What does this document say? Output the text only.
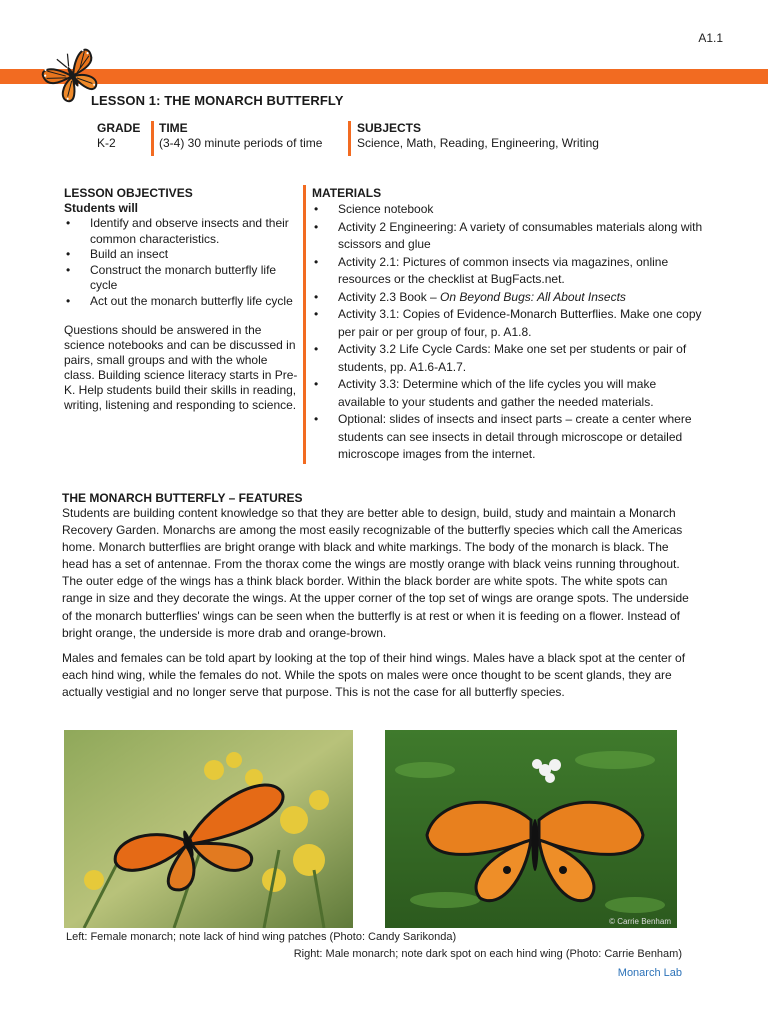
A1.1
LESSON 1: THE MONARCH BUTTERFLY
GRADE
K-2
TIME
(3-4) 30 minute periods of time
SUBJECTS
Science, Math, Reading, Engineering, Writing
LESSON OBJECTIVES
Students will
• Identify and observe insects and their common characteristics.
• Build an insect
• Construct the monarch butterfly life cycle
• Act out the monarch butterfly life cycle
Questions should be answered in the science notebooks and can be discussed in pairs, small groups and with the whole class. Building science literacy starts in Pre-K. Help students build their skills in reading, writing, listening and responding to science.
MATERIALS
• Science notebook
• Activity 2 Engineering: A variety of consumables materials along with scissors and glue
• Activity 2.1: Pictures of common insects via magazines, online resources or the checklist at BugFacts.net.
• Activity 2.3 Book – On Beyond Bugs: All About Insects
• Activity 3.1: Copies of Evidence-Monarch Butterflies. Make one copy per pair or per group of four, p. A1.8.
• Activity 3.2 Life Cycle Cards: Make one set per students or pair of students, pp. A1.6-A1.7.
• Activity 3.3: Determine which of the life cycles you will make available to your students and gather the needed materials.
• Optional: slides of insects and insect parts – create a center where students can see insects in detail through microscope or detailed microscope images from the internet.
THE MONARCH BUTTERFLY – FEATURES
Students are building content knowledge so that they are better able to design, build, study and maintain a Monarch Recovery Garden. Monarchs are among the most easily recognizable of the butterfly species which call the Americas home. Monarch butterflies are bright orange with black and white markings. The body of the monarch is black. The head has a set of antennae. From the thorax come the wings are mostly orange with black veins running throughout. The outer edge of the wings has a think black border. Within the black border are white spots. The white spots can range in size and they decorate the wings. At the upper corner of the top set of wings are orange spots. The underside of the monarch butterflies' wings can be seen when the butterfly is at rest or when it is feeding on a flower. Instead of bright orange, the underside is more drab and orange-brown.
Males and females can be told apart by looking at the top of their hind wings. Males have a black spot at the center of each hind wing, while the females do not. While the spots on males were once thought to be scent glands, they are actually vestigial and no longer serve that purpose. This is not the case for all butterfly species.
© Carrie Benham
Left: Female monarch; note lack of hind wing patches (Photo: Candy Sarikonda)
Right: Male monarch; note dark spot on each hind wing (Photo: Carrie Benham)
Monarch Lab
